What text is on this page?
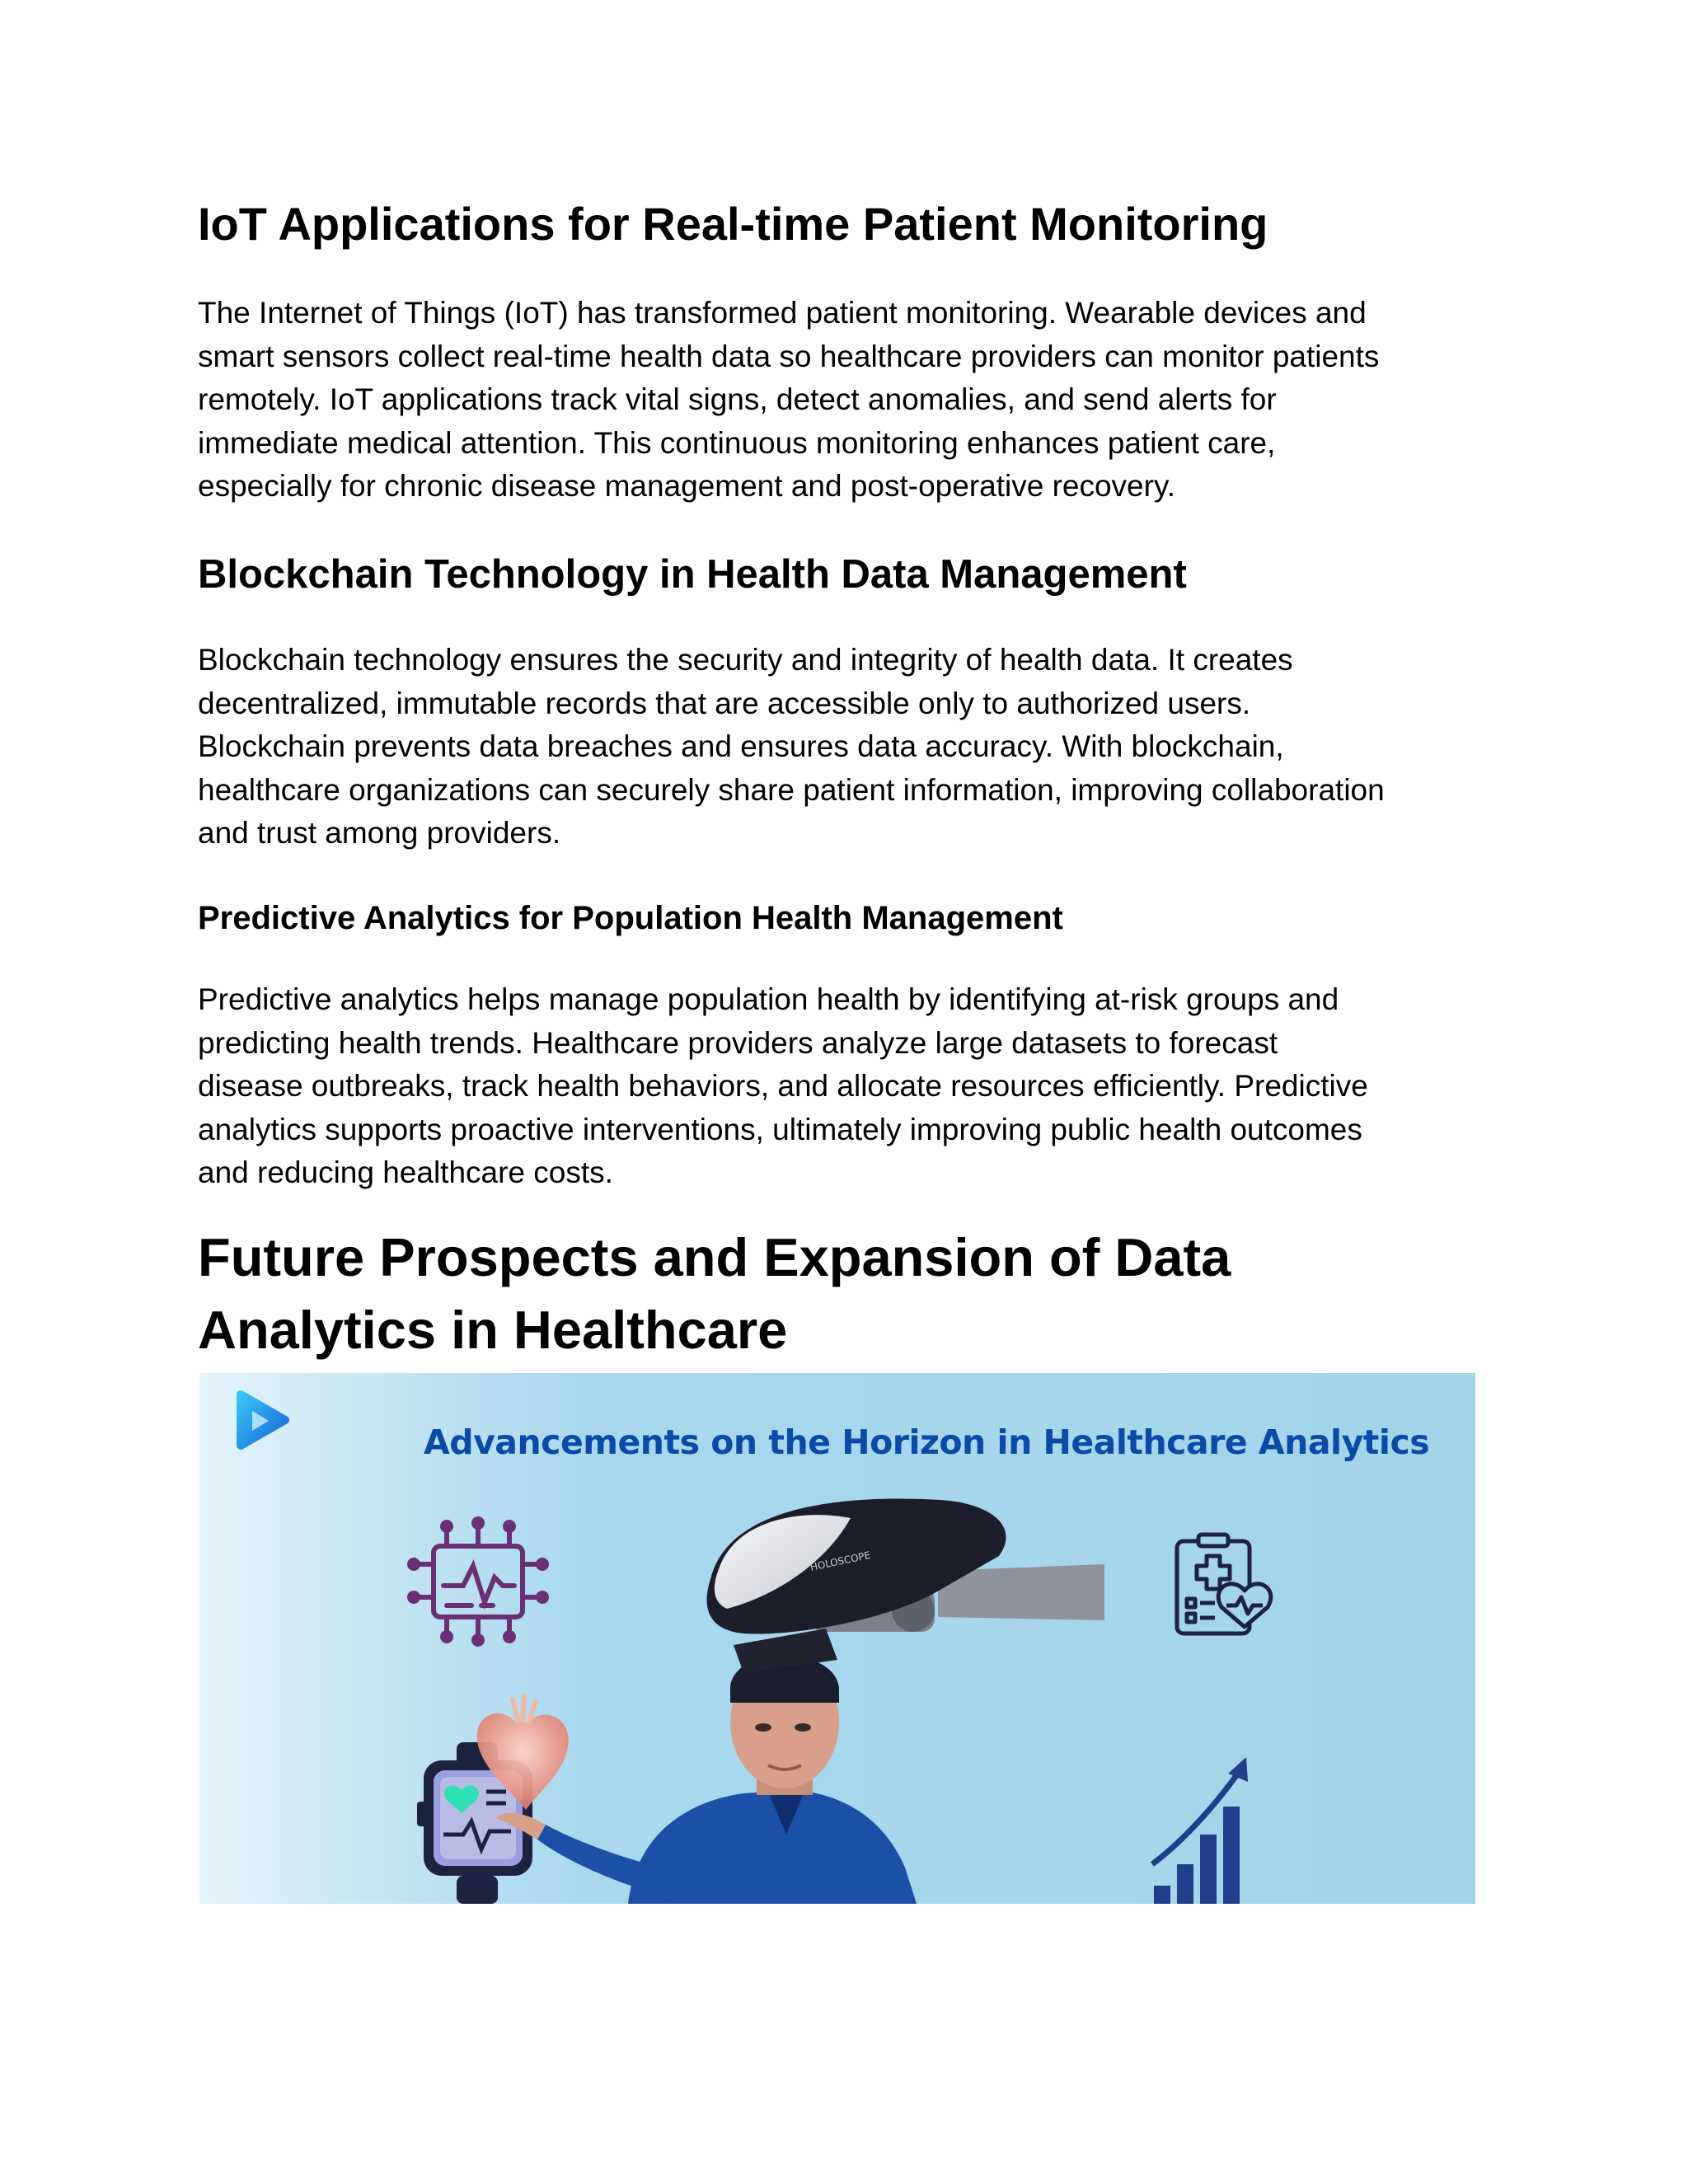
IoT Applications for Real-time Patient Monitoring
The Internet of Things (IoT) has transformed patient monitoring. Wearable devices and
smart sensors collect real-time health data so healthcare providers can monitor patients
remotely. IoT applications track vital signs, detect anomalies, and send alerts for
immediate medical attention. This continuous monitoring enhances patient care,
especially for chronic disease management and post-operative recovery.
Blockchain Technology in Health Data Management
Blockchain technology ensures the security and integrity of health data. It creates
decentralized, immutable records that are accessible only to authorized users.
Blockchain prevents data breaches and ensures data accuracy. With blockchain,
healthcare organizations can securely share patient information, improving collaboration
and trust among providers.
Predictive Analytics for Population Health Management
Predictive analytics helps manage population health by identifying at-risk groups and
predicting health trends. Healthcare providers analyze large datasets to forecast
disease outbreaks, track health behaviors, and allocate resources efficiently. Predictive
analytics supports proactive interventions, ultimately improving public health outcomes
and reducing healthcare costs.
Future Prospects and Expansion of Data
Analytics in Healthcare
HOLOSCOPE
Advancements on the Horizon in Healthcare Analytics
